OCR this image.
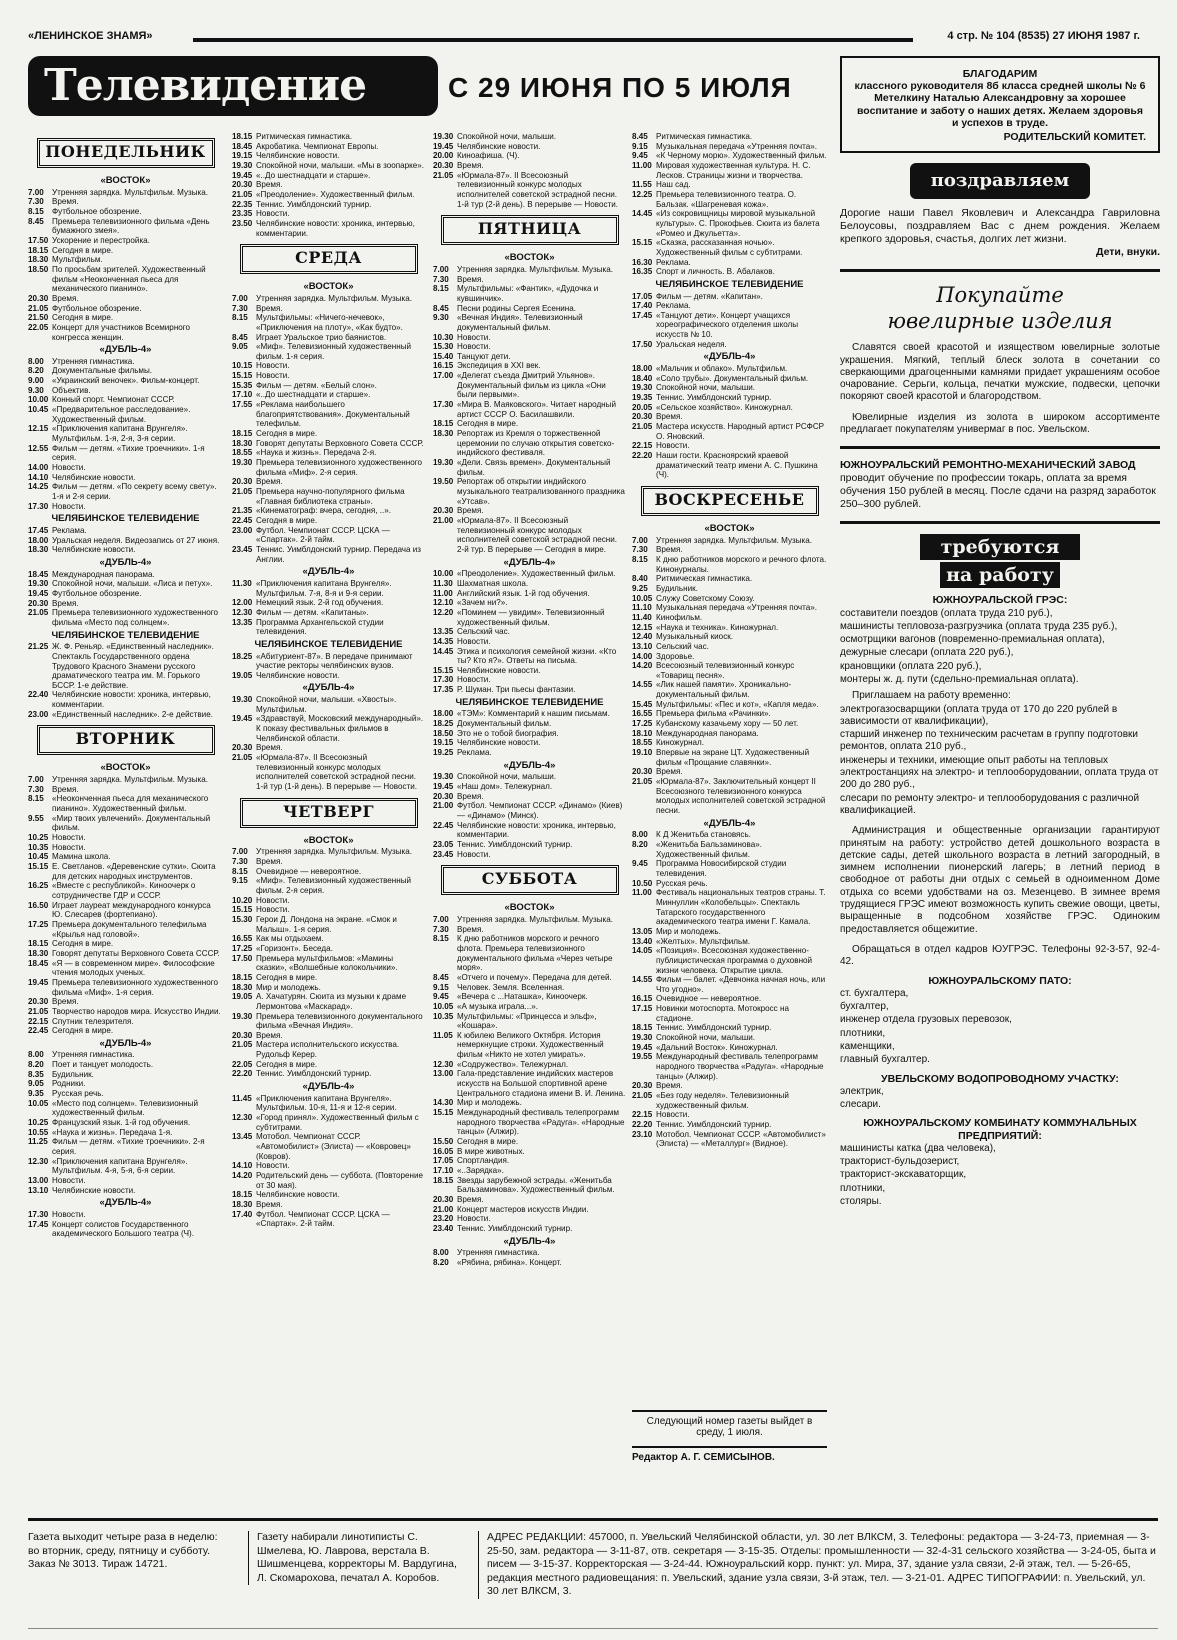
«ЛЕНИНСКОЕ ЗНАМЯ»	4 стр. № 104 (8535) 27 ИЮНЯ 1987 г.
Телевидение	С 29 ИЮНЯ ПО 5 ИЮЛЯ
ПОНЕДЕЛЬНИК
«ВОСТОК»
7.00	Утренняя зарядка. Мультфильм. Музыка.
7.30	Время.
8.15	Футбольное обозрение.
8.45	Премьера телевизионного фильма «День бумажного змея».
17.50 Ускорение и перестройка.
18.15 Сегодня в мире.
18.30 Мультфильм.
18.50 По просьбам зрителей. Художественный фильм «Неоконченная пьеса для механического пианино».
20.30 Время.
21.05 Футбольное обозрение.
21.50 Сегодня в мире.
22.05 Концерт для участников Всемирного конгресса женщин.
«ДУБЛЬ-4»
8.00	Утренняя гимнастика.
8.20	Документальные фильмы.
9.00	«Украинский веночек». Фильм-концерт.
9.30	Объектив.
10.00 Конный спорт. Чемпионат СССР.
10.45 «Предварительное расследование». Художественный фильм.
12.15 «Приключения капитана Врунгеля». Мультфильм. 1-я, 2-я, 3-я серии.
12.55 Фильм — детям. «Тихие троечники». 1-я серия.
14.00 Новости.
14.10 Челябинские новости.
14.25 Фильм — детям. «По секрету всему свету». 1-я и 2-я серии.
17.30 Новости.
ЧЕЛЯБИНСКОЕ ТЕЛЕВИДЕНИЕ
17.45 Реклама.
18.00 Уральская неделя. Видеозапись от 27 июня.
18.30 Челябинские новости.
«ДУБЛЬ-4»
18.45 Международная панорама.
19.30 Спокойной ночи, малыши. «Лиса и петух».
19.45 Футбольное обозрение.
20.30 Время.
21.05 Премьера телевизионного художественного фильма «Место под солнцем».
ЧЕЛЯБИНСКОЕ ТЕЛЕВИДЕНИЕ
21.25 Ж. Ф. Реньяр. «Единственный наследник». Спектакль Государственного ордена Трудового Красного Знамени русского драматического театра им. М. Горького БССР. 1-е действие.
22.40 Челябинские новости: хроника, интервью, комментарии.
23.00 «Единственный наследник». 2-е действие.
ВТОРНИК
«ВОСТОК»
7.00	Утренняя зарядка. Мультфильм. Музыка.
7.30	Время.
8.15	«Неоконченная пьеса для механического пианино». Художественный фильм.
9.55	«Мир твоих увлечений». Документальный фильм.
10.25 Новости.
10.35 Новости.
10.45 Мамина школа.
15.15 Е. Светланов. «Деревенские сутки». Сюита для детских народных инструментов.
16.25 «Вместе с республикой». Киноочерк о сотрудничестве ГДР и СССР.
16.50 Играет лауреат международного конкурса Ю. Слесарев (фортепиано).
17.25 Премьера документального телефильма «Крылья над головой».
18.15 Сегодня в мире.
18.30 Говорят депутаты Верховного Совета СССР.
18.45 «Я — в современном мире». Философские чтения молодых ученых.
19.45 Премьера телевизионного художественного фильма «Миф». 1-я серия.
20.30 Время.
21.05 Творчество народов мира. Искусство Индии.
22.15 Спутник телезрителя.
22.45 Сегодня в мире.
«ДУБЛЬ-4»
8.00	Утренняя гимнастика.
8.20	Поет и танцует молодость.
8.35	Будильник.
9.05	Родники.
9.35	Русская речь.
10.05 «Место под солнцем». Телевизионный художественный фильм.
10.25 Французский язык. 1-й год обучения.
10.55 «Наука и жизнь». Передача 1-я.
11.25 Фильм — детям. «Тихие троечники». 2-я серия.
12.30 «Приключения капитана Врунгеля». Мультфильм. 4-я, 5-я, 6-я серии.
13.00 Новости.
13.10 Челябинские новости.
«ДУБЛЬ-4»
17.30 Новости.
17.45 Концерт солистов Государственного академического Большого театра (Ч).
18.15 Ритмическая гимнастика.
18.45 Акробатика. Чемпионат Европы.
19.15 Челябинские новости.
19.30 Спокойной ночи, малыши. «Мы в зоопарке».
19.45 «..До шестнадцати и старше».
20.30 Время.
21.05 «Преодоление». Художественный фильм.
22.35 Теннис. Уимблдонский турнир.
23.35 Новости.
23.50 Челябинские новости: хроника, интервью, комментарии.
СРЕДА
«ВОСТОК»
7.00	Утренняя зарядка. Мультфильм. Музыка.
7.30	Время.
8.15	Мультфильмы: «Ничего-нечевок», «Приключения на плоту», «Как будто».
8.45	Играет Уральское трио баянистов.
9.05	«Миф». Телевизионный художественный фильм. 1-я серия.
10.15 Новости.
15.15 Новости.
15.35 Фильм — детям. «Белый слон».
17.10 «..До шестнадцати и старше».
17.55 «Реклама наибольшего благоприятствования». Документальный телефильм.
18.15 Сегодня в мире.
18.30 Говорят депутаты Верховного Совета СССР.
18.55 «Наука и жизнь». Передача 2-я.
19.30 Премьера телевизионного художественного фильма «Миф». 2-я серия.
20.30 Время.
21.05 Премьера научно-популярного фильма «Главная библиотека страны».
21.35 «Кинематограф: вчера, сегодня, ..».
22.45 Сегодня в мире.
23.00 Футбол. Чемпионат СССР. ЦСКА — «Спартак». 2-й тайм.
23.45 Теннис. Уимблдонский турнир. Передача из Англии.
«ДУБЛЬ-4»
11.30 «Приключения капитана Врунгеля». Мультфильм. 7-я, 8-я и 9-я серии.
12.00 Немецкий язык. 2-й год обучения.
12.30 Фильм — детям. «Капитаны».
13.35 Программа Архангельской студии телевидения.
ЧЕЛЯБИНСКОЕ ТЕЛЕВИДЕНИЕ
18.25 «Абитуриент-87». В передаче принимают участие ректоры челябинских вузов.
19.05 Челябинские новости.
«ДУБЛЬ-4»
19.30 Спокойной ночи, малыши. «Хвосты». Мультфильм.
19.45 «Здравствуй, Московский международный». К показу фестивальных фильмов в Челябинской области.
20.30 Время.
21.05 «Юрмала-87». II Всесоюзный телевизионный конкурс молодых исполнителей советской эстрадной песни. 1-й тур (1-й день). В перерыве — Новости.
ЧЕТВЕРГ
«ВОСТОК»
7.00	Утренняя зарядка. Мультфильм. Музыка.
7.30	Время.
8.15	Очевидное — невероятное.
9.15	«Миф». Телевизионный художественный фильм. 2-я серия.
10.20 Новости.
15.15 Новости.
15.30 Герои Д. Лондона на экране. «Смок и Малыш». 1-я серия.
16.55 Как мы отдыхаем.
17.25 «Горизонт». Беседа.
17.50 Премьера мультфильмов: «Мамины сказки», «Волшебные колокольчики».
18.15 Сегодня в мире.
18.30 Мир и молодежь.
19.05 А. Хачатурян. Сюита из музыки к драме Лермонтова «Маскарад».
19.30 Премьера телевизионного документального фильма «Вечная Индия».
20.30 Время.
21.05 Мастера исполнительского искусства. Рудольф Керер.
22.05 Сегодня в мире.
22.20 Теннис. Уимблдонский турнир.
«ДУБЛЬ-4»
11.45 «Приключения капитана Врунгеля». Мультфильм. 10-я, 11-я и 12-я серии.
12.30 «Город принял». Художественный фильм с субтитрами.
13.45 Мотобол. Чемпионат СССР. «Автомобилист» (Элиста) — «Ковровец» (Ковров).
14.10 Новости.
14.20 Родительский день — субботa. (Повторение от 30 мая).
18.15 Челябинские новости.
18.30 Время.
17.40 Футбол. Чемпионат СССР. ЦСКА — «Спартак». 2-й тайм.
19.30 Спокойной ночи, малыши.
19.45 Челябинские новости.
20.00 Киноафиша. (Ч).
20.30 Время.
21.05 «Юрмала-87». II Всесоюзный телевизионный конкурс молодых исполнителей советской эстрадной песни. 1-й тур (2-й день). В перерыве — Новости.
ПЯТНИЦА
«ВОСТОК»
7.00	Утренняя зарядка. Мультфильм. Музыка.
7.30	Время.
8.15	Мультфильмы: «Фантик», «Дудочка и кувшинчик».
8.45	Песни родины Сергея Есенина.
9.30	«Вечная Индия». Телевизионный документальный фильм.
10.30 Новости.
15.30 Новости.
15.40 Танцуют дети.
16.15 Экспедиция в XXI век.
17.00 «Делегат съезда Дмитрий Ульянов». Документальный фильм из цикла «Они были первыми».
17.30 «Мира В. Маяковского». Читает народный артист СССР О. Басилашвили.
18.15 Сегодня в мире.
18.30 Репортаж из Кремля о торжественной церемонии по случаю открытия советско-индийского фестиваля.
19.30 «Дели. Связь времен». Документальный фильм.
19.50 Репортаж об открытии индийского музыкального театрализованного праздника «Утсав».
20.30 Время.
21.00 «Юрмала-87». II Всесоюзный телевизионный конкурс молодых исполнителей советской эстрадной песни. 2-й тур. В перерыве — Сегодня в мире.
«ДУБЛЬ-4»
10.00 «Преодоление». Художественный фильм.
11.30 Шахматная школа.
11.00 Английский язык. 1-й год обучения.
12.10 «Зачем ни?».
12.20 «Поминем — увидим». Телевизионный художественный фильм.
13.35 Сельский час.
14.35 Новости.
14.45 Этика и психология семейной жизни. «Кто ты? Кто я?». Ответы на письма.
15.15 Челябинские новости.
17.30 Новости.
17.35 Р. Шуман. Три пьесы фантазии.
ЧЕЛЯБИНСКОЕ ТЕЛЕВИДЕНИЕ
18.00 «ТЭМ»: Комментарий к нашим письмам.
18.25 Документальный фильм.
18.50 Это не о тобой биография.
19.15 Челябинские новости.
19.25 Реклама.
«ДУБЛЬ-4»
19.30 Спокойной ночи, малыши.
19.45 «Наш дом». Тележурнал.
20.30 Время.
21.00 Футбол. Чемпионат СССР. «Динамо» (Киев) — «Динамо» (Минск).
22.45 Челябинские новости: хроника, интервью, комментарии.
23.05 Теннис. Уимблдонский турнир.
23.45 Новости.
СУББОТА
«ВОСТОК»
7.00	Утренняя зарядка. Мультфильм. Музыка.
7.30	Время.
8.15	К дню работников морского и речного флота. Премьера телевизионного документального фильма «Через четыре моря».
8.45	«Отчего и почему». Передача для детей.
9.15	Человек. Земля. Вселенная.
9.45	«Вечера с ...Наташка», Киноочерк.
10.05 «А музыка играла...».
10.35 Мультфильмы: «Принцесса и эльф», «Кошарa».
11.05 К юбилею Великого Октября. История немеркнущие строки. Художественный фильм «Никто не хотел умирать».
12.30 «Содружество». Тележурнал.
13.00 Гала-представление индийских мастеров искусств на Большой спортивной арене Центрального стадиона имени В. И. Ленина.
14.30 Мир и молодежь.
15.15 Международный фестиваль телепрограмм народного творчества «Радуга». «Народные танцы» (Алжир).
15.50 Сегодня в мире.
16.05 В мире животных.
17.05 Спортландия.
17.10 «..Зарядка».
18.15 Звезды зарубежной эстрады. «Женитьба Бальзаминова». Художественный фильм.
20.30 Время.
21.00 Концерт мастеров искусств Индии.
23.20 Новости.
23.40 Теннис. Уимблдонский турнир.
«ДУБЛЬ-4»
8.00	Утренняя гимнастика.
8.20	«Рябина, рябина». Концерт.
8.45	Ритмическая гимнастика.
9.15	Музыкальная передача «Утренняя почта».
9.45	«К Черному морю». Художественный фильм.
11.00 Мировая художественная культура. Н. С. Лесков. Страницы жизни и творчества.
11.55 Наш сад.
12.25 Премьера телевизионного театра. О. Бальзак. «Шагреневая кожа».
14.45 «Из сокровищницы мировой музыкальной культуры». С. Прокофьев. Сюита из балета «Ромео и Джульетта».
15.15 «Сказка, рассказанная ночью». Художественный фильм с субтитрами.
16.30 Реклама.
16.35 Спорт и личность. В. Абалаков.
ЧЕЛЯБИНСКОЕ ТЕЛЕВИДЕНИЕ
17.05 Фильм — детям. «Капитан».
17.40 Реклама.
17.45 «Танцуют дети». Концерт учащихся хореографического отделения школы искусств № 10.
17.50 Уральская неделя.
«ДУБЛЬ-4»
18.00 «Мальчик и облако». Мультфильм.
18.40 «Соло трубы». Документальный фильм.
19.30 Спокойной ночи, малыши.
19.35 Теннис. Уимблдонский турнир.
20.05 «Сельское хозяйство». Киножурнал.
20.30 Время.
21.05 Мастера искусств. Народный артист РСФСР О. Яновский.
22.15 Новости.
22.20 Наши гости. Красноярский краевой драматический театр имени А. С. Пушкина (Ч).
ВОСКРЕСЕНЬЕ
«ВОСТОК»
7.00	Утренняя зарядка. Мультфильм. Музыка.
7.30	Время.
8.15	К дню работников морского и речного флота. Кинонурналы.
8.40	Ритмическая гимнастика.
9.25	Будильник.
10.05 Служу Советскому Союзу.
11.10 Музыкальная передача «Утренняя почта».
11.40 Кинофильм.
12.15 «Наука и техника». Киножурнал.
12.40 Музыкальный киоск.
13.10 Сельский час.
14.00 Здоровье.
14.20 Всесоюзный телевизионный конкурс «Товарищ песня».
14.55 «Лик нашей памяти». Хроникально-документальный фильм.
15.45 Мультфильмы: «Пес и кот», «Капля меда».
16.55 Премьера фильма «Рачинки».
17.25 Кубанскому казачьему хору — 50 лет.
18.10 Международная панорама.
18.55 Киножурнал.
19.10 Впервые на экране ЦТ. Художественный фильм «Прощание славянки».
20.30 Время.
21.05 «Юрмала-87». Заключительный концерт II Всесоюзного телевизионного конкурса молодых исполнителей советской эстрадной песни.
«ДУБЛЬ-4»
8.00	К Д Женитьба становясь.
8.20	«Женитьба Бальзаминова». Художественный фильм.
9.45	Программа Новосибирской студии телевидения.
10.50 Русская речь.
11.00 Фестиваль национальных театров страны. Т. Миннуллин «Колобельцы». Спектакль Татарского государственного академического театра имени Г. Камала.
13.05 Мир и молодежь.
13.40 «Желтых». Мультфильм.
14.05 «Позиция». Всесоюзная художественно-публицистическая программа о духовной жизни человека. Открытие цикла.
14.55 Фильм — балет. «Девчонка начная ночь, или Что угодно».
16.15 Очевидное — невероятное.
17.15 Новинки мотоспорта. Мотокросс на стадионе.
18.15 Теннис. Уимблдонский турнир.
19.30 Спокойной ночи, малыши.
19.45 «Дальний Восток». Киножурнал.
19.55 Международный фестиваль телепрограмм народного творчества «Радуга». «Народные танцы» (Алжир).
20.30 Время.
21.05 «Без году неделя». Телевизионный художественный фильм.
22.15 Новости.
22.20 Теннис. Уимблдонский турнир.
23.10 Мотобол. Чемпионат СССР. «Автомобилист» (Элиста) — «Металлург» (Видное).
Следующий номер газеты выйдет в среду, 1 июля.
Редактор А. Г. СЕМИСЫНОВ.
БЛАГОДАРИМ
классного руководителя 8б класса средней школы № 6 Метелкину Наталью Александровну за хорошее воспитание и заботу о наших детях. Желаем здоровья и успехов в труде.
РОДИТЕЛЬСКИЙ КОМИТЕТ.
поздравляем
Дорогие наши Павел Яковлевич и Александра Гавриловна Белоусовы, поздравляем Вас с днем рождения. Желаем крепкого здоровья, счастья, долгих лет жизни.
Дети, внуки.
Покупайте
ювелирные изделия
Славятся своей красотой и изяществом ювелирные золотые украшения. Мягкий, теплый блеск золота в сочетании со сверкающими драгоценными камнями придает украшениям особое очарование. Серьги, кольца, печатки мужские, подвески, цепочки покоряют своей красотой и благородством.
Ювелирные изделия из золота в широком ассортименте предлагает покупателям универмаг в пос. Увельском.
ЮЖНОУРАЛЬСКИЙ РЕМОНТНО-МЕХАНИЧЕСКИЙ ЗАВОД
проводит обучение по профессии токарь, оплата за время обучения 150 рублей в месяц. После сдачи на разряд заработок 250–300 рублей.
требуются
на работу
ЮЖНОУРАЛЬСКОЙ ГРЭС:
составители поездов (оплата труда 210 руб.),
машинисты тепловоза-разгрузчика (оплата труда 235 руб.),
осмотрщики вагонов (повременно-премиальная оплата),
дежурные слесари (оплата 220 руб.),
крановщики (оплата 220 руб.),
монтеры ж. д. пути (сдельно-премиальная оплата).
Приглашаем на работу временно:
электрогазосварщики (оплата труда от 170 до 220 рублей в зависимости от квалификации),
старший инженер по техническим расчетам в группу подготовки ремонтов, оплата 210 руб.,
инженеры и техники, имеющие опыт работы на тепловых электростанциях на электро- и теплооборудовании, оплата труда от 200 до 280 руб.,
слесари по ремонту электро- и теплооборудования с различной квалификацией.
Администрация и общественные организации гарантируют принятым на работу: устройство детей дошкольного возраста в детские сады, детей школьного возраста в летний загородный, в зимнем исполнении пионерский лагерь; в летний период в свободное от работы дни отдых с семьей в одноименном Доме отдыха со всеми удобствами на оз. Мезенцево. В зимнее время трудящиеся ГРЭС имеют возможность купить свежие овощи, цветы, выращенные в подсобном хозяйстве ГРЭС. Одиноким предоставляется общежитие.
Обращаться в отдел кадров ЮУГРЭС. Телефоны 92-3-57, 92-4-42.
ЮЖНОУРАЛЬСКОМУ ПАТО:
ст. бухгалтера,
бухгалтер,
инженер отдела грузовых перевозок,
плотники,
каменщики,
главный бухгалтер.
УВЕЛЬСКОМУ ВОДОПРОВОДНОМУ УЧАСТКУ:
электрик,
слесари.
ЮЖНОУРАЛЬСКОМУ КОМБИНАТУ КОММУНАЛЬНЫХ ПРЕДПРИЯТИЙ:
машинисты катка (два человека),
тракторист-бульдозерист,
тракторист-экскаваторщик,
плотники,
столяры.
Газета выходит четыре раза в неделю: во вторник, среду, пятницу и субботу. Заказ № 3013. Тираж 14721.
Газету набирали линотиписты С. Шмелева, Ю. Лаврова, верстала В. Шишменцева, корректоры М. Вардугина, Л. Скомарохова, печатал А. Коробов.
АДРЕС РЕДАКЦИИ: 457000, п. Увельский Челябинской области, ул. 30 лет ВЛКСМ, 3. Телефоны: редактора — 3-24-73, приемная — 3-25-50, зам. редактора — 3-11-87, отв. секретаря — 3-15-35. Отделы: промышленности — 32-4-31 сельского хозяйства — 3-24-05, быта и писем — 3-15-37. Корректорская — 3-24-44. Южноуральский корр. пункт: ул. Мира, 37, здание узла связи, 2-й этаж, тел. — 5-26-65, редакция местного радиовещания: п. Увельский, здание узла связи, 3-й этаж, тел. — 3-21-01. АДРЕС ТИПОГРАФИИ: п. Увельский, ул. 30 лет ВЛКСМ, 3.
